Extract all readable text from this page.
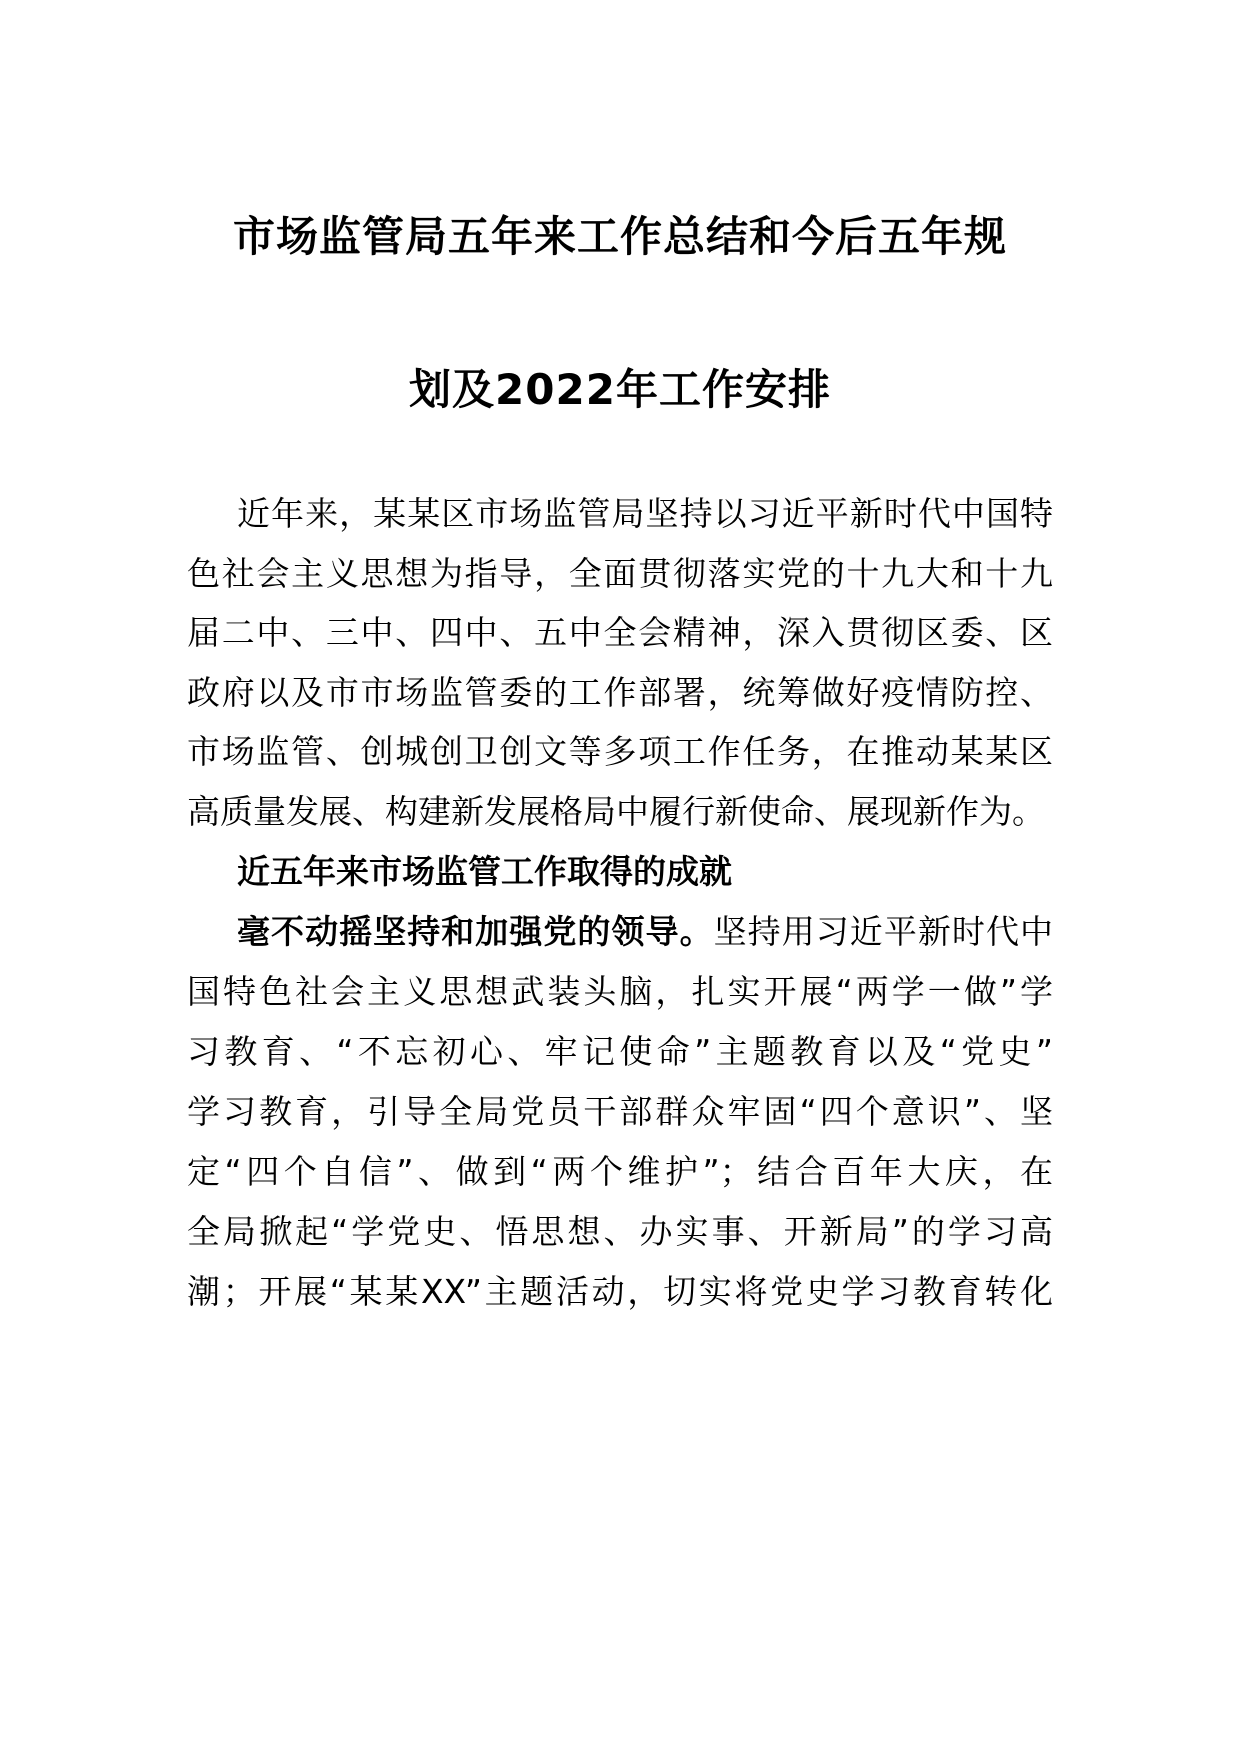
市场监管局五年来工作总结和今后五年规
划及2022年工作安排
近年来，某某区市场监管局坚持以习近平新时代中国特
色社会主义思想为指导，全面贯彻落实党的十九大和十九
届二中、三中、四中、五中全会精神，深入贯彻区委、区
政府以及市市场监管委的工作部署，统筹做好疫情防控、
市场监管、创城创卫创文等多项工作任务，在推动某某区
高质量发展、构建新发展格局中履行新使命、展现新作为。
近五年来市场监管工作取得的成就
毫不动摇坚持和加强党的领导。坚持用习近平新时代中
国特色社会主义思想武装头脑，扎实开展“两学一做”学
习教育、“不忘初心、牢记使命”主题教育以及“党史”
学习教育，引导全局党员干部群众牢固“四个意识”、坚
定“四个自信”、做到“两个维护”；结合百年大庆，在
全局掀起“学党史、悟思想、办实事、开新局”的学习高
潮；开展“某某XX”主题活动，切实将党史学习教育转化
